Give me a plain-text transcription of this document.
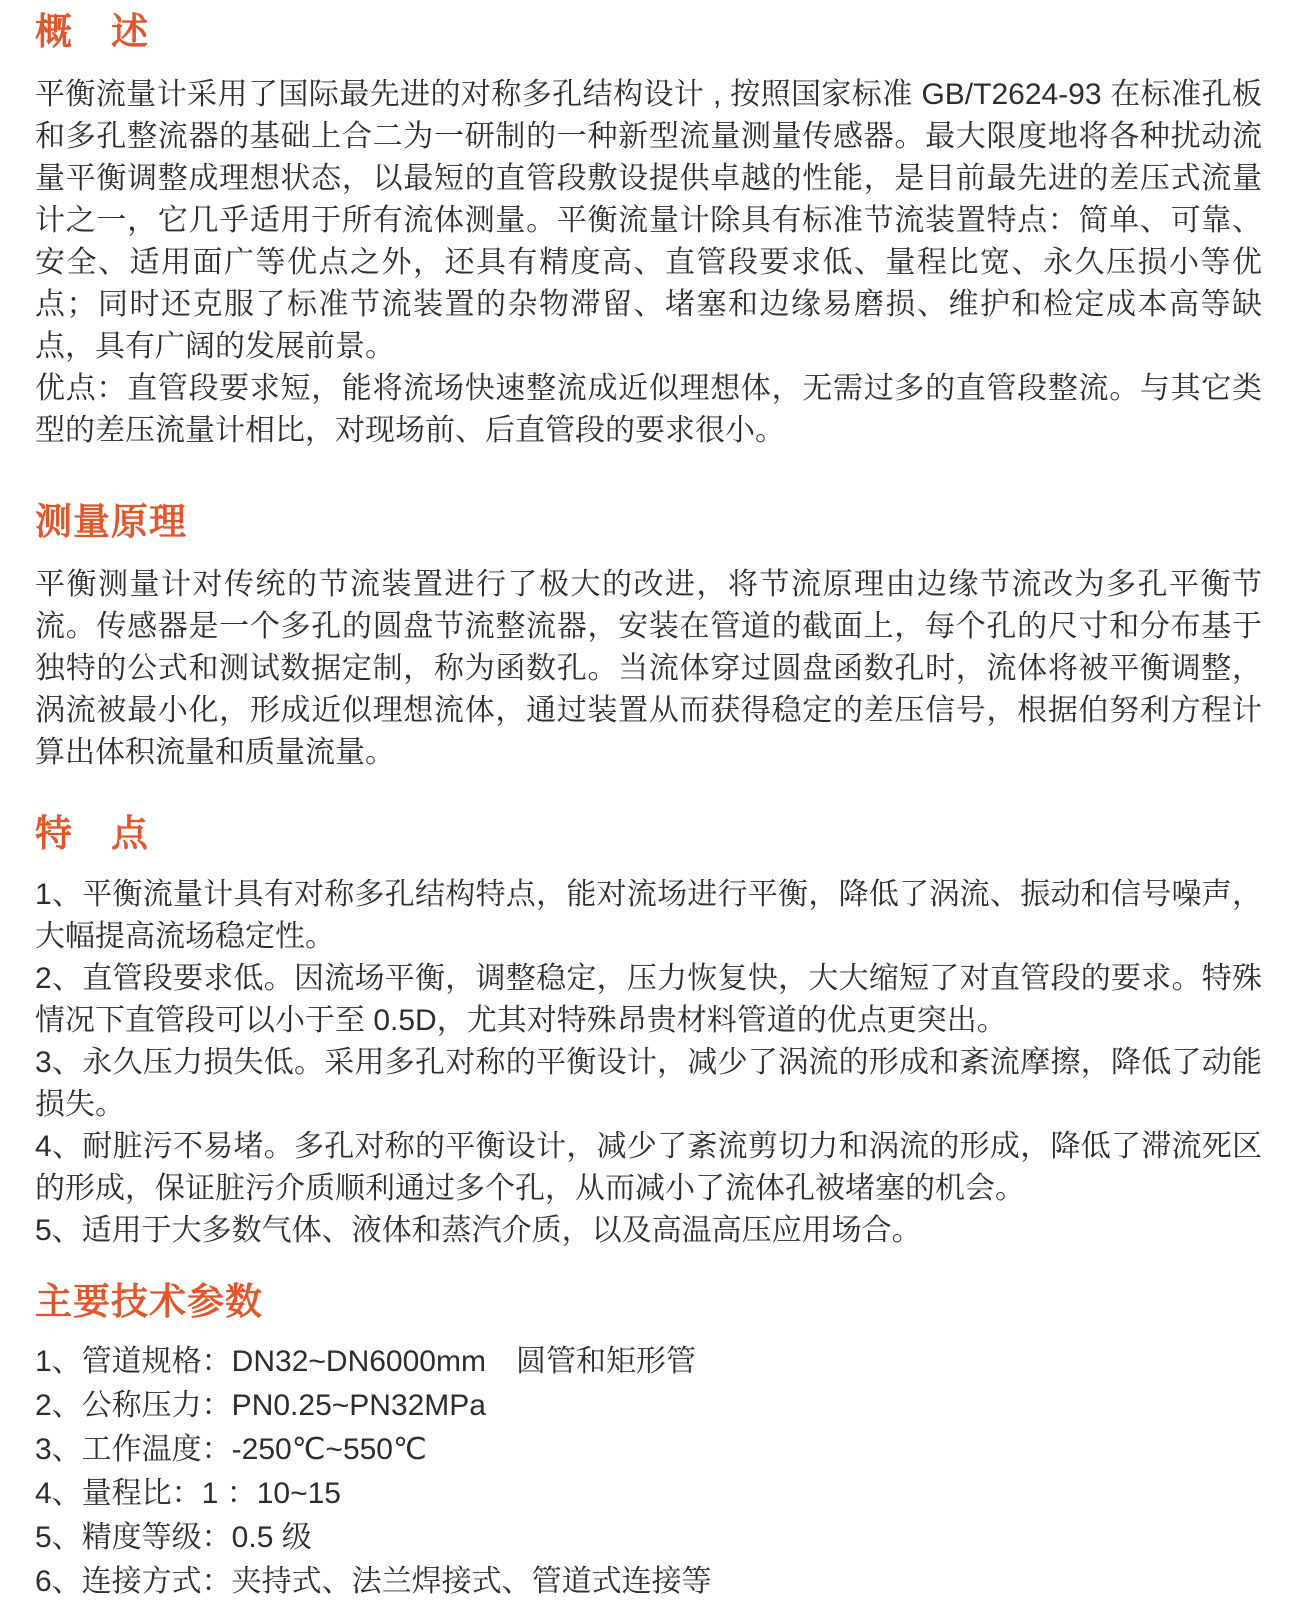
概　述

平衡流量计采用了国际最先进的对称多孔结构设计 , 按照国家标准 GB/T2624-93 在标准孔板和多孔整流器的基础上合二为一研制的一种新型流量测量传感器。最大限度地将各种扰动流量平衡调整成理想状态，以最短的直管段敷设提供卓越的性能，是目前最先进的差压式流量计之一，它几乎适用于所有流体测量。平衡流量计除具有标准节流装置特点：简单、可靠、安全、适用面广等优点之外，还具有精度高、直管段要求低、量程比宽、永久压损小等优点；同时还克服了标准节流装置的杂物滞留、堵塞和边缘易磨损、维护和检定成本高等缺点，具有广阔的发展前景。

优点：直管段要求短，能将流场快速整流成近似理想体，无需过多的直管段整流。与其它类型的差压流量计相比，对现场前、后直管段的要求很小。

测量原理

平衡测量计对传统的节流装置进行了极大的改进，将节流原理由边缘节流改为多孔平衡节流。传感器是一个多孔的圆盘节流整流器，安装在管道的截面上，每个孔的尺寸和分布基于独特的公式和测试数据定制，称为函数孔。当流体穿过圆盘函数孔时，流体将被平衡调整，涡流被最小化，形成近似理想流体，通过装置从而获得稳定的差压信号，根据伯努利方程计算出体积流量和质量流量。

特　点

1、平衡流量计具有对称多孔结构特点，能对流场进行平衡，降低了涡流、振动和信号噪声，大幅提高流场稳定性。

2、直管段要求低。因流场平衡，调整稳定，压力恢复快，大大缩短了对直管段的要求。特殊情况下直管段可以小于至 0.5D，尤其对特殊昂贵材料管道的优点更突出。

3、永久压力损失低。采用多孔对称的平衡设计，减少了涡流的形成和紊流摩擦，降低了动能损失。

4、耐脏污不易堵。多孔对称的平衡设计，减少了紊流剪切力和涡流的形成，降低了滞流死区的形成，保证脏污介质顺利通过多个孔，从而减小了流体孔被堵塞的机会。

5、适用于大多数气体、液体和蒸汽介质，以及高温高压应用场合。

主要技术参数

1、管道规格：DN32~DN6000mm　圆管和矩形管

2、公称压力：PN0.25~PN32MPa

3、工作温度：-250℃~550℃

4、量程比：1 ：10~15

5、精度等级：0.5 级

6、连接方式：夹持式、法兰焊接式、管道式连接等
